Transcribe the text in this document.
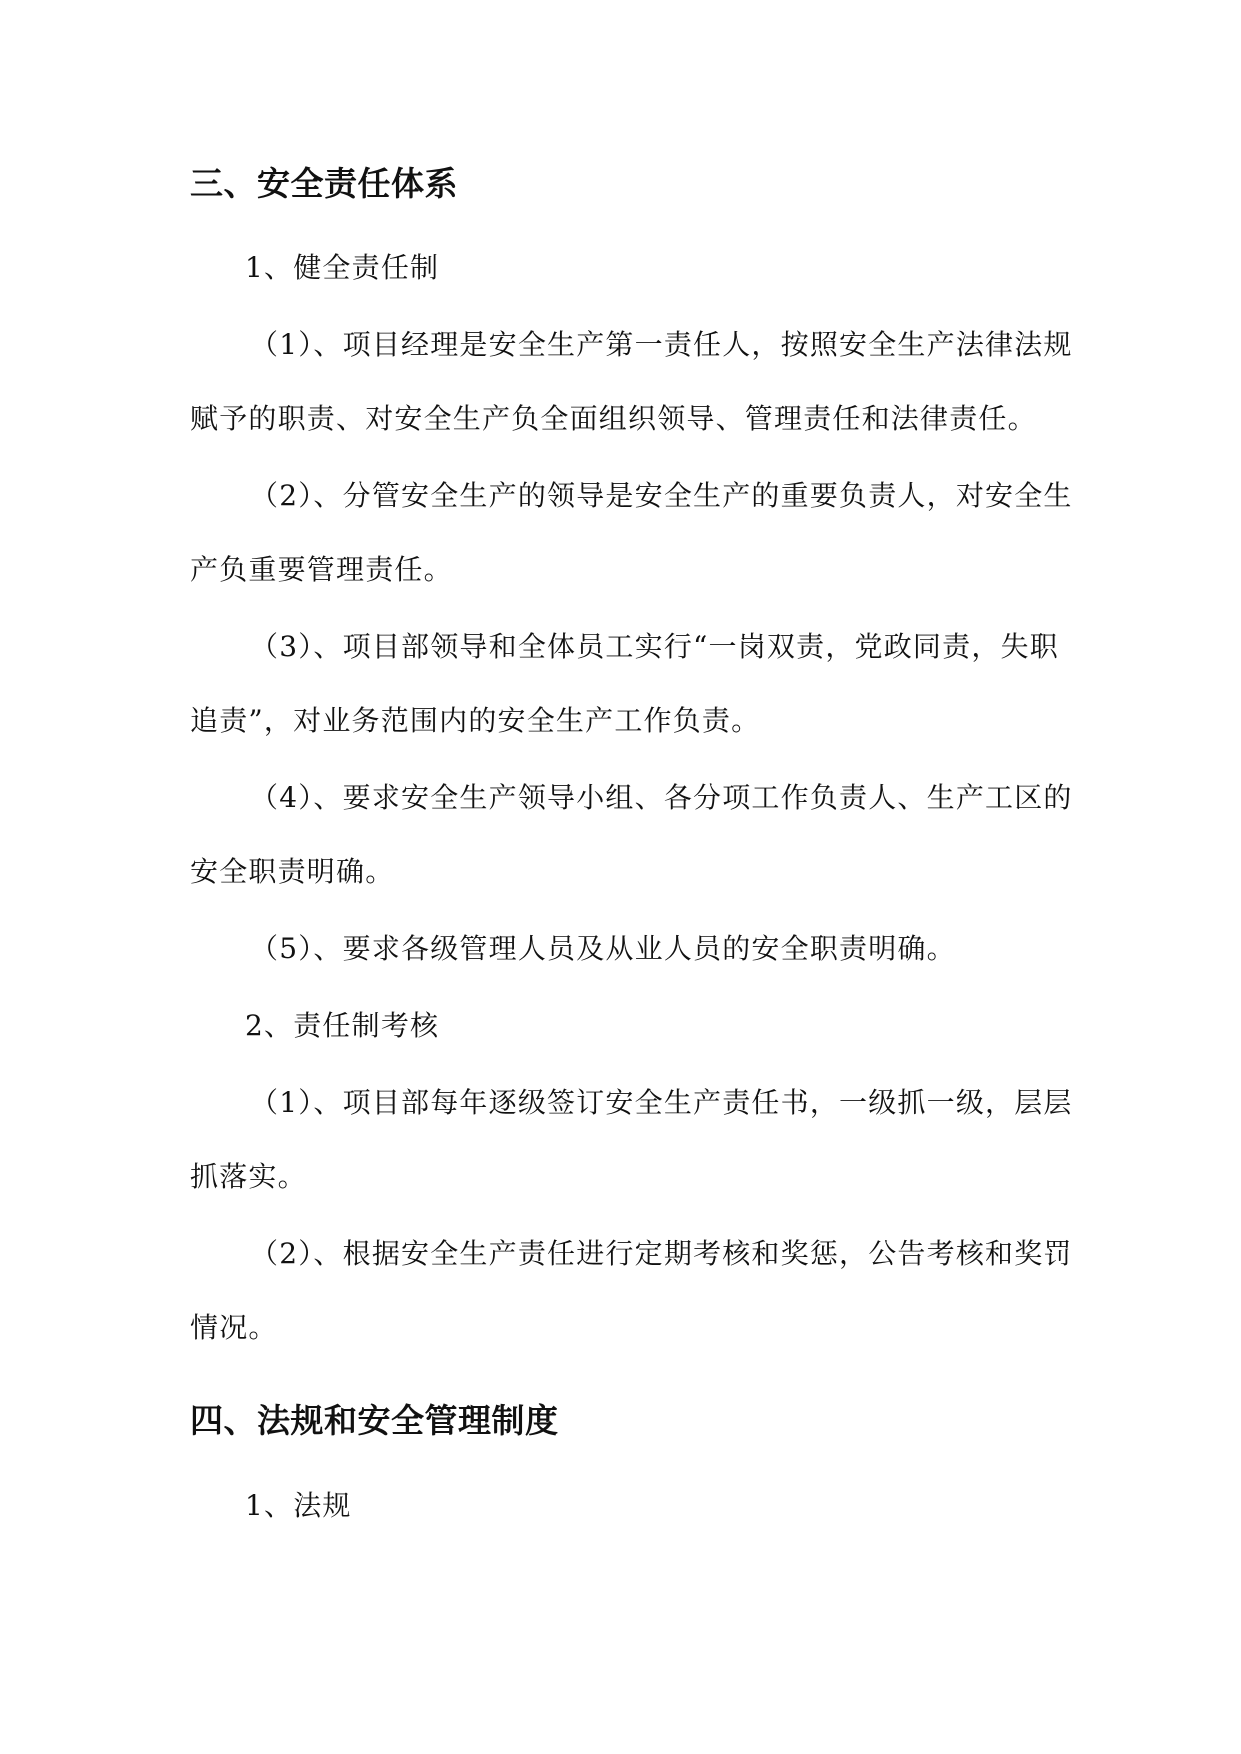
三、安全责任体系

1、健全责任制

（1）、项目经理是安全生产第一责任人，按照安全生产法律法规

赋予的职责、对安全生产负全面组织领导、管理责任和法律责任。

（2）、分管安全生产的领导是安全生产的重要负责人，对安全生

产负重要管理责任。

（3）、项目部领导和全体员工实行“一岗双责，党政同责，失职

追责”，对业务范围内的安全生产工作负责。

（4）、要求安全生产领导小组、各分项工作负责人、生产工区的

安全职责明确。

（5）、要求各级管理人员及从业人员的安全职责明确。

2、责任制考核

（1）、项目部每年逐级签订安全生产责任书，一级抓一级，层层

抓落实。

（2）、根据安全生产责任进行定期考核和奖惩，公告考核和奖罚

情况。

四、法规和安全管理制度

1、法规
